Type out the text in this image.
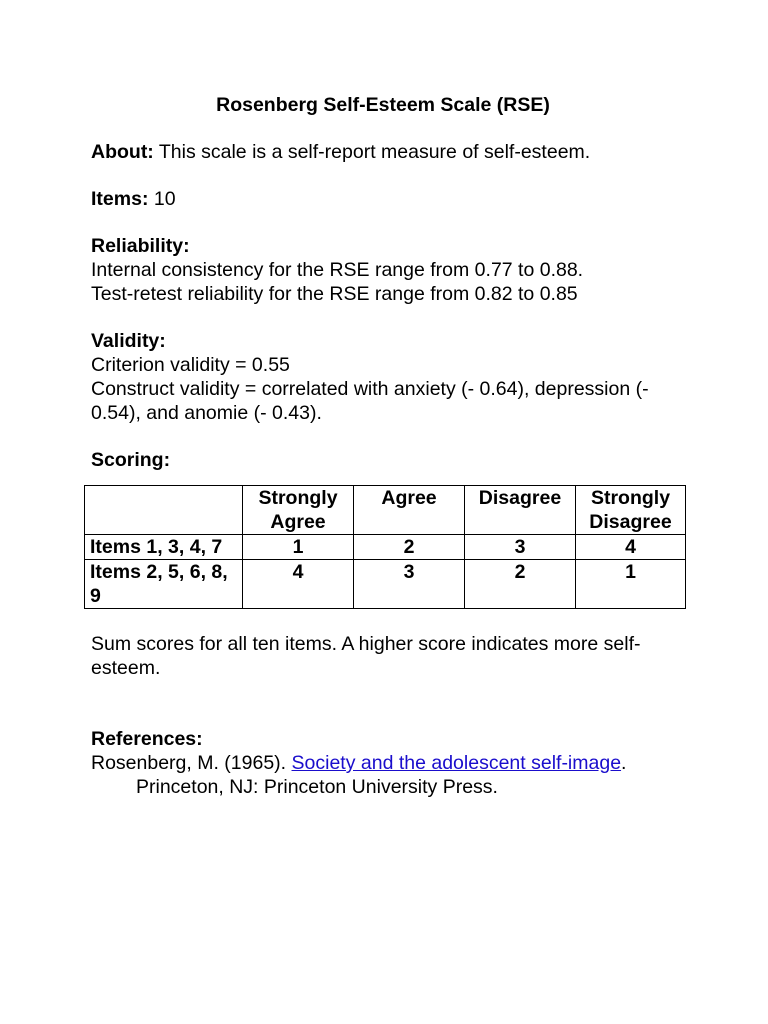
Rosenberg Self-Esteem Scale (RSE)

About: This scale is a self-report measure of self-esteem.

Items: 10

Reliability:

Internal consistency for the RSE range from 0.77 to 0.88.

Test-retest reliability for the RSE range from 0.82 to 0.85

Validity:

Criterion validity = 0.55

Construct validity = correlated with anxiety (- 0.64), depression (- 0.54), and anomie (- 0.43).

Scoring:

	Strongly Agree	Agree	Disagree	Strongly Disagree
Items 1, 3, 4, 7	1	2	3	4
Items 2, 5, 6, 8, 9	4	3	2	1

Sum scores for all ten items. A higher score indicates more self-esteem.

References:

Rosenberg, M. (1965). Society and the adolescent self-image.

Princeton, NJ: Princeton University Press.
